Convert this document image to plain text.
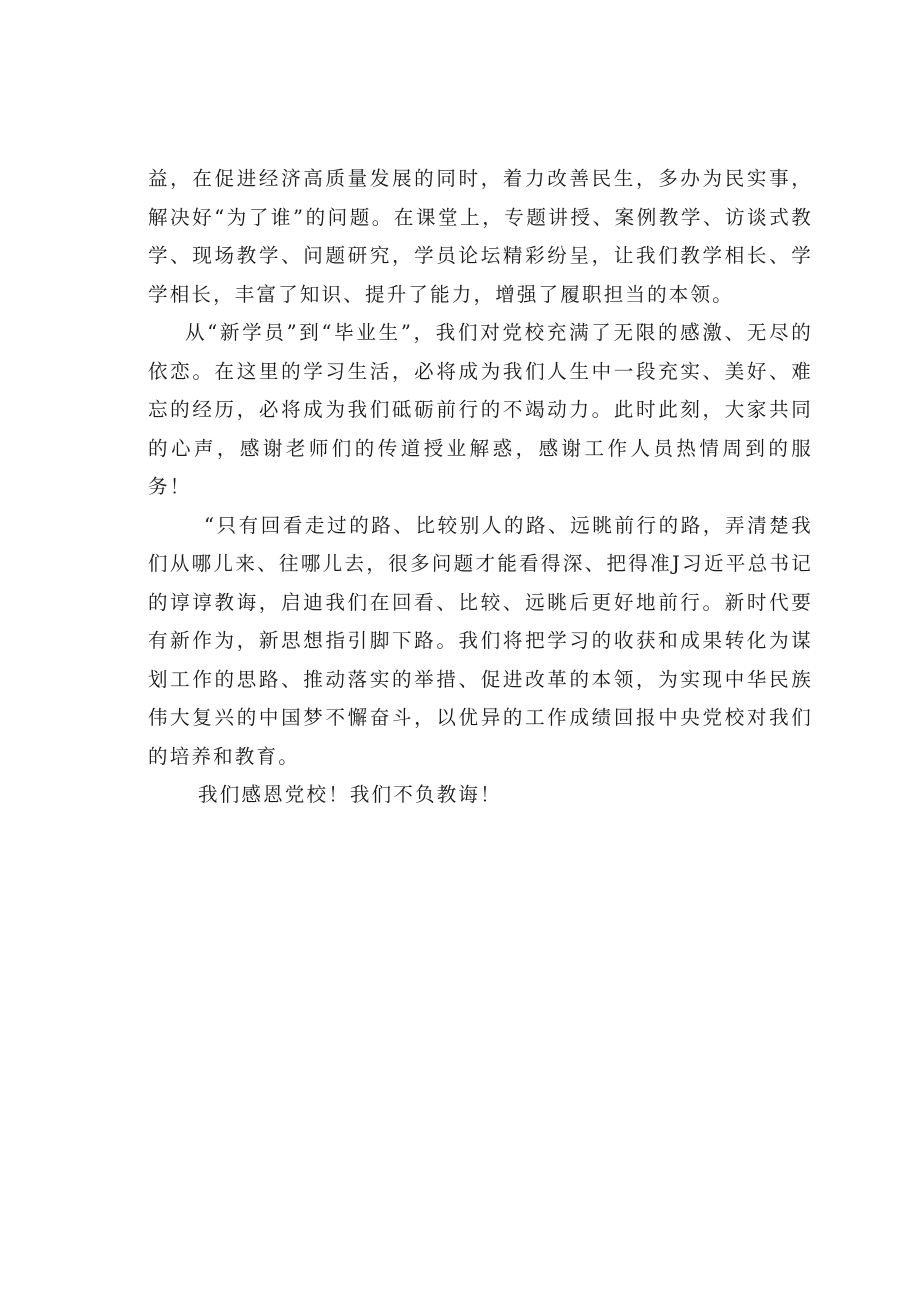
益，在促进经济高质量发展的同时，着力改善民生，多办为民实事，解决好“为了谁”的问题。在课堂上，专题讲授、案例教学、访谈式教学、现场教学、问题研究，学员论坛精彩纷呈，让我们教学相长、学学相长，丰富了知识、提升了能力，增强了履职担当的本领。

从“新学员”到“毕业生”，我们对党校充满了无限的感激、无尽的依恋。在这里的学习生活，必将成为我们人生中一段充实、美好、难忘的经历，必将成为我们砥砺前行的不竭动力。此时此刻，大家共同的心声，感谢老师们的传道授业解惑，感谢工作人员热情周到的服务！

“只有回看走过的路、比较别人的路、远眺前行的路，弄清楚我们从哪儿来、往哪儿去，很多问题才能看得深、把得准J习近平总书记的谆谆教诲，启迪我们在回看、比较、远眺后更好地前行。新时代要有新作为，新思想指引脚下路。我们将把学习的收获和成果转化为谋划工作的思路、推动落实的举措、促进改革的本领，为实现中华民族伟大复兴的中国梦不懈奋斗，以优异的工作成绩回报中央党校对我们的培养和教育。

我们感恩党校！我们不负教诲！
